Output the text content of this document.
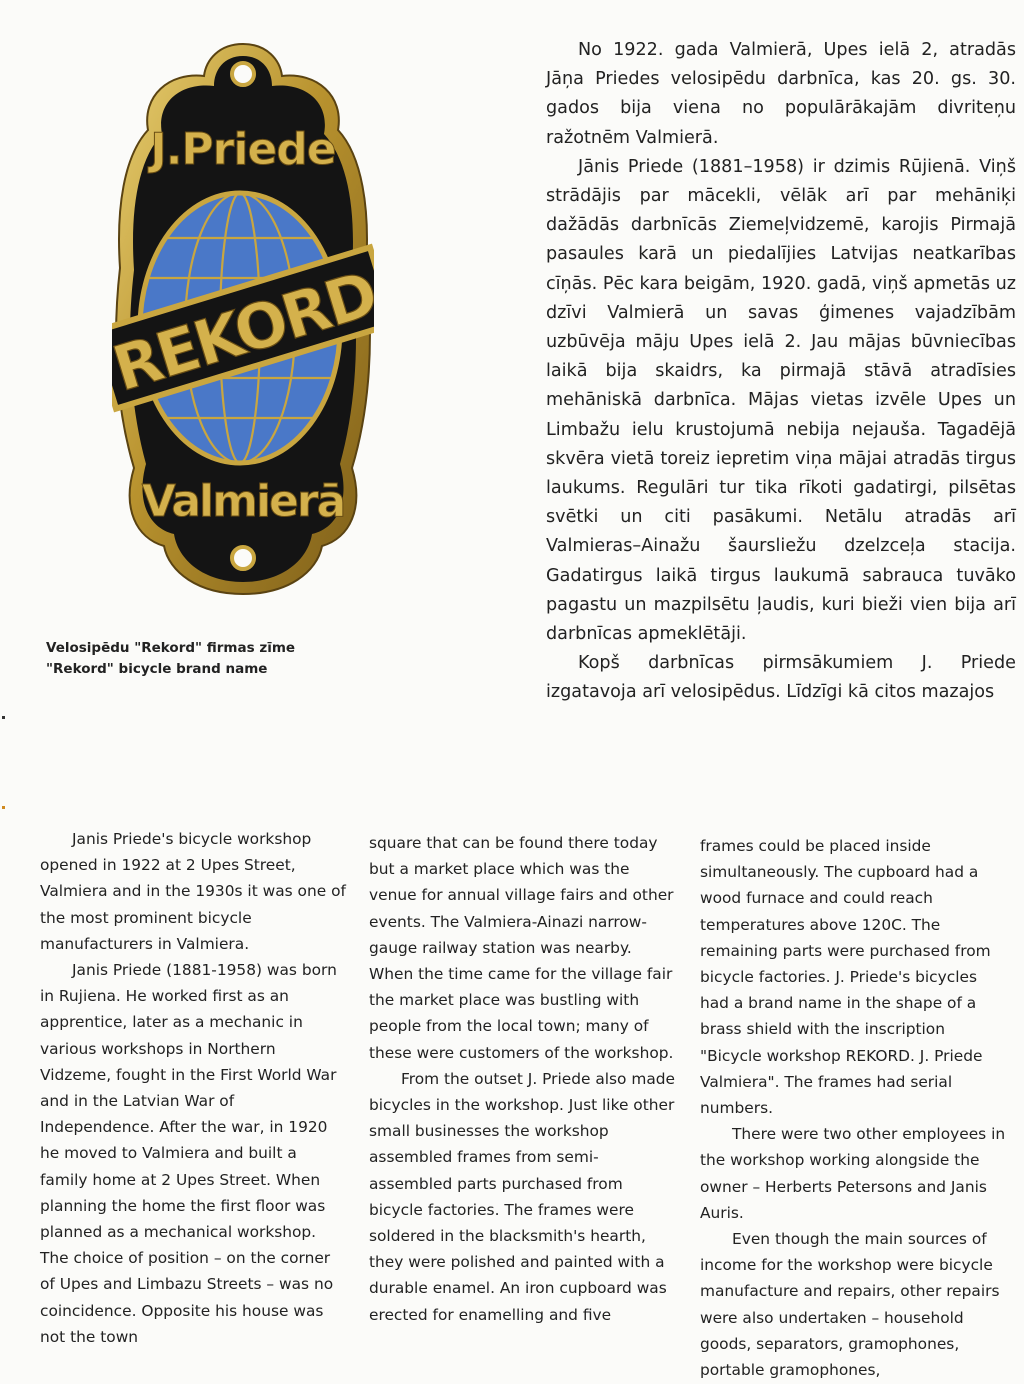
REKORD
J.Priede
Valmierā
Velosipēdu "Rekord" firmas zīme
"Rekord" bicycle brand name

No 1922. gada Valmierā, Upes ielā 2, atradās Jāņa Priedes velosipēdu darbnīca, kas 20. gs. 30. gados bija viena no populārākajām divriteņu ražotnēm Valmierā.

Jānis Priede (1881–1958) ir dzimis Rūjienā. Viņš strādājis par mācekli, vēlāk arī par mehāniķi dažādās darbnīcās Ziemeļvidzemē, karojis Pirmajā pasaules karā un piedalījies Latvijas neatkarības cīņās. Pēc kara beigām, 1920. gadā, viņš apmetās uz dzīvi Valmierā un savas ģimenes vajadzībām uzbūvēja māju Upes ielā 2. Jau mājas būvniecības laikā bija skaidrs, ka pirmajā stāvā atradīsies mehāniskā darbnīca. Mājas vietas izvēle Upes un Limbažu ielu krustojumā nebija nejauša. Tagadējā skvēra vietā toreiz iepretim viņa mājai atradās tirgus laukums. Regulāri tur tika rīkoti gadatirgi, pilsētas svētki un citi pasākumi. Netālu atradās arī Valmieras–Ainažu šaursliežu dzelzceļa stacija. Gadatirgus laikā tirgus laukumā sabrauca tuvāko pagastu un mazpilsētu ļaudis, kuri bieži vien bija arī darbnīcas apmeklētāji.

Kopš darbnīcas pirmsākumiem J. Priede izgatavoja arī velosipēdus. Līdzīgi kā citos mazajos

Janis Priede's bicycle workshop opened in 1922 at 2 Upes Street, Valmiera and in the 1930s it was one of the most prominent bicycle manufacturers in Valmiera.

Janis Priede (1881-1958) was born in Rujiena. He worked first as an apprentice, later as a mechanic in various workshops in Northern Vidzeme, fought in the First World War and in the Latvian War of Independence. After the war, in 1920 he moved to Valmiera and built a family home at 2 Upes Street. When planning the home the first floor was planned as a mechanical workshop. The choice of position – on the corner of Upes and Limbazu Streets – was no coincidence. Opposite his house was not the town

square that can be found there today but a market place which was the venue for annual village fairs and other events. The Valmiera-Ainazi narrow-gauge railway station was nearby. When the time came for the village fair the market place was bustling with people from the local town; many of these were customers of the workshop.

From the outset J. Priede also made bicycles in the workshop. Just like other small businesses the workshop assembled frames from semi-assembled parts purchased from bicycle factories. The frames were soldered in the blacksmith's hearth, they were polished and painted with a durable enamel. An iron cupboard was erected for enamelling and five

frames could be placed inside simultaneously. The cupboard had a wood furnace and could reach temperatures above 120C. The remaining parts were purchased from bicycle factories. J. Priede's bicycles had a brand name in the shape of a brass shield with the inscription "Bicycle workshop REKORD. J. Priede Valmiera". The frames had serial numbers.

There were two other employees in the workshop working alongside the owner – Herberts Petersons and Janis Auris.

Even though the main sources of income for the workshop were bicycle manufacture and repairs, other repairs were also undertaken – household goods, separators, gramophones, portable gramophones,
